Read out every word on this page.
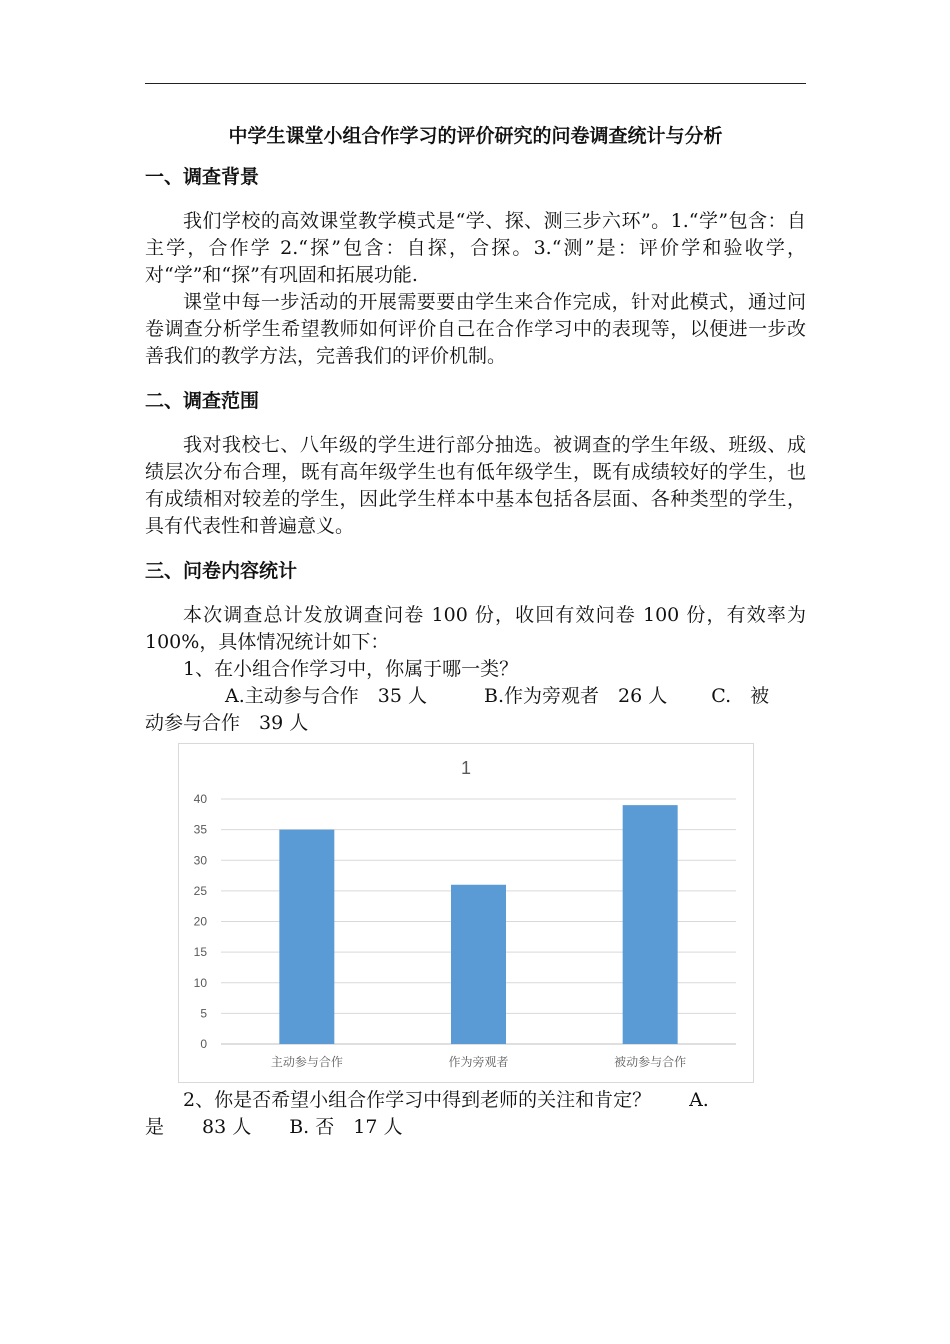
中学生课堂小组合作学习的评价研究的问卷调查统计与分析

一、调查背景

我们学校的高效课堂教学模式是“学、探、测三步六环”。1.“学”包含：自主学，合作学 2.“探”包含：自探，合探。3.“测”是：评价学和验收学，对“学”和“探”有巩固和拓展功能.

课堂中每一步活动的开展需要要由学生来合作完成，针对此模式，通过问卷调查分析学生希望教师如何评价自己在合作学习中的表现等，以便进一步改善我们的教学方法，完善我们的评价机制。

二、调查范围

我对我校七、八年级的学生进行部分抽选。被调查的学生年级、班级、成绩层次分布合理，既有高年级学生也有低年级学生，既有成绩较好的学生，也有成绩相对较差的学生，因此学生样本中基本包括各层面、各种类型的学生，具有代表性和普遍意义。

三、问卷内容统计

本次调查总计发放调查问卷 100 份，收回有效问卷 100 份，有效率为 100%，具体情况统计如下：

1、在小组合作学习中，你属于哪一类？

A.主动参与合作　35 人　　　B.作为旁观者　26 人　　 C.　被

动参与合作　39 人

1
0
5
10
15
20
25
30
35
40
主动参与合作	作为旁观者	被动参与合作

2、你是否希望小组合作学习中得到老师的关注和肯定？　　A.

是　　83 人　　B. 否　17 人
